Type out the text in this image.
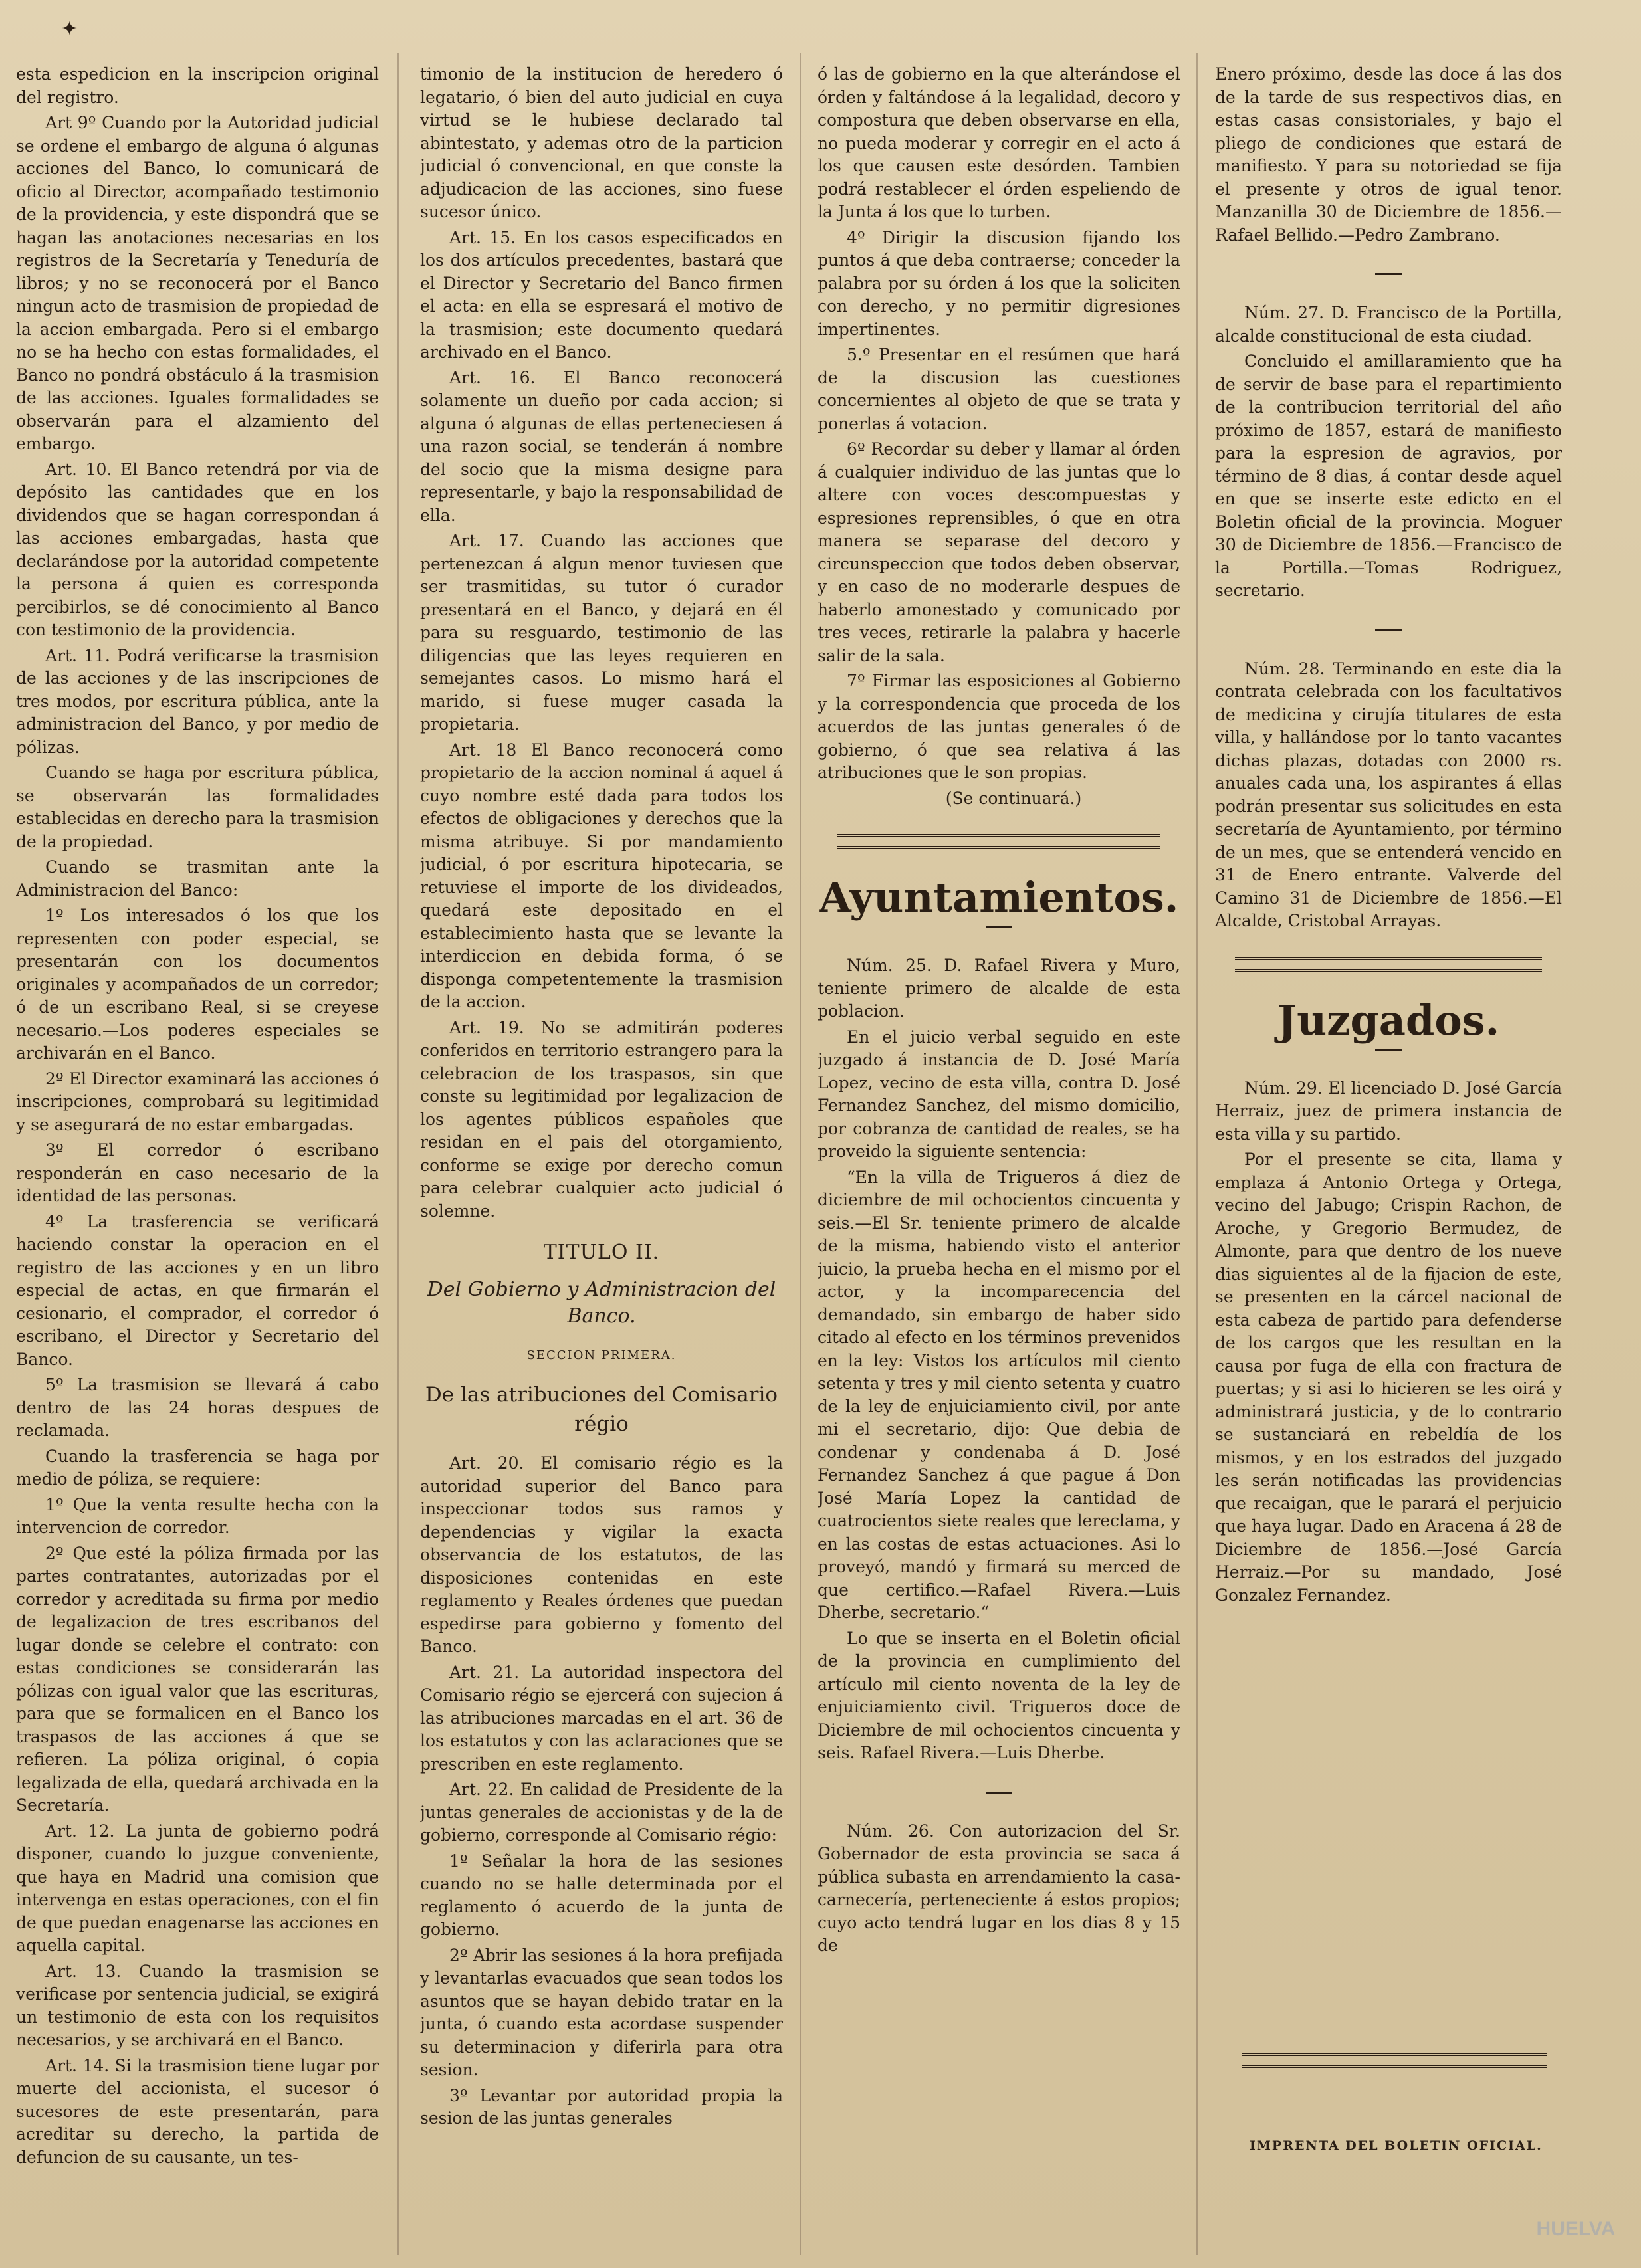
✦

esta espedicion en la inscripcion original del registro.

Art 9º Cuando por la Autoridad judicial se ordene el embargo de alguna ó algunas acciones del Banco, lo comunicará de oficio al Director, acompañado testimonio de la providencia, y este dispondrá que se hagan las anotaciones necesarias en los registros de la Secretaría y Teneduría de libros; y no se reconocerá por el Banco ningun acto de trasmision de propiedad de la accion embargada. Pero si el embargo no se ha hecho con estas formalidades, el Banco no pondrá obstáculo á la trasmision de las acciones. Iguales formalidades se observarán para el alzamiento del embargo.

Art. 10. El Banco retendrá por via de depósito las cantidades que en los dividendos que se hagan correspondan á las acciones embargadas, hasta que declarándose por la autoridad competente la persona á quien es corresponda percibirlos, se dé conocimiento al Banco con testimonio de la providencia.

Art. 11. Podrá verificarse la trasmision de las acciones y de las inscripciones de tres modos, por escritura pública, ante la administracion del Banco, y por medio de pólizas.

Cuando se haga por escritura pública, se observarán las formalidades establecidas en derecho para la trasmision de la propiedad.

Cuando se trasmitan ante la Administracion del Banco:

1º Los interesados ó los que los representen con poder especial, se presentarán con los documentos originales y acompañados de un corredor; ó de un escribano Real, si se creyese necesario.—Los poderes especiales se archivarán en el Banco.

2º El Director examinará las acciones ó inscripciones, comprobará su legitimidad y se asegurará de no estar embargadas.

3º El corredor ó escribano responderán en caso necesario de la identidad de las personas.

4º La trasferencia se verificará haciendo constar la operacion en el registro de las acciones y en un libro especial de actas, en que firmarán el cesionario, el comprador, el corredor ó escribano, el Director y Secretario del Banco.

5º La trasmision se llevará á cabo dentro de las 24 horas despues de reclamada.

Cuando la trasferencia se haga por medio de póliza, se requiere:

1º Que la venta resulte hecha con la intervencion de corredor.

2º Que esté la póliza firmada por las partes contratantes, autorizadas por el corredor y acreditada su firma por medio de legalizacion de tres escribanos del lugar donde se celebre el contrato: con estas condiciones se considerarán las pólizas con igual valor que las escrituras, para que se formalicen en el Banco los traspasos de las acciones á que se refieren. La póliza original, ó copia legalizada de ella, quedará archivada en la Secretaría.

Art. 12. La junta de gobierno podrá disponer, cuando lo juzgue conveniente, que haya en Madrid una comision que intervenga en estas operaciones, con el fin de que puedan enagenarse las acciones en aquella capital.

Art. 13. Cuando la trasmision se verificase por sentencia judicial, se exigirá un testimonio de esta con los requisitos necesarios, y se archivará en el Banco.

Art. 14. Si la trasmision tiene lugar por muerte del accionista, el sucesor ó sucesores de este presentarán, para acreditar su derecho, la partida de defuncion de su causante, un tes-

timonio de la institucion de heredero ó legatario, ó bien del auto judicial en cuya virtud se le hubiese declarado tal abintestato, y ademas otro de la particion judicial ó convencional, en que conste la adjudicacion de las acciones, sino fuese sucesor único.

Art. 15. En los casos especificados en los dos artículos precedentes, bastará que el Director y Secretario del Banco firmen el acta: en ella se espresará el motivo de la trasmision; este documento quedará archivado en el Banco.

Art. 16. El Banco reconocerá solamente un dueño por cada accion; si alguna ó algunas de ellas perteneciesen á una razon social, se tenderán á nombre del socio que la misma designe para representarle, y bajo la responsabilidad de ella.

Art. 17. Cuando las acciones que pertenezcan á algun menor tuviesen que ser trasmitidas, su tutor ó curador presentará en el Banco, y dejará en él para su resguardo, testimonio de las diligencias que las leyes requieren en semejantes casos. Lo mismo hará el marido, si fuese muger casada la propietaria.

Art. 18 El Banco reconocerá como propietario de la accion nominal á aquel á cuyo nombre esté dada para todos los efectos de obligaciones y derechos que la misma atribuye. Si por mandamiento judicial, ó por escritura hipotecaria, se retuviese el importe de los divideados, quedará este depositado en el establecimiento hasta que se levante la interdiccion en debida forma, ó se disponga competentemente la trasmision de la accion.

Art. 19. No se admitirán poderes conferidos en territorio estrangero para la celebracion de los traspasos, sin que conste su legitimidad por legalizacion de los agentes públicos españoles que residan en el pais del otorgamiento, conforme se exige por derecho comun para celebrar cualquier acto judicial ó solemne.

TITULO II.
Del Gobierno y Administracion del Banco.
SECCION PRIMERA.
De las atribuciones del Comisario régio

Art. 20. El comisario régio es la autoridad superior del Banco para inspeccionar todos sus ramos y dependencias y vigilar la exacta observancia de los estatutos, de las disposiciones contenidas en este reglamento y Reales órdenes que puedan espedirse para gobierno y fomento del Banco.

Art. 21. La autoridad inspectora del Comisario régio se ejercerá con sujecion á las atribuciones marcadas en el art. 36 de los estatutos y con las aclaraciones que se prescriben en este reglamento.

Art. 22. En calidad de Presidente de la juntas generales de accionistas y de la de gobierno, corresponde al Comisario régio:

1º Señalar la hora de las sesiones cuando no se halle determinada por el reglamento ó acuerdo de la junta de gobierno.

2º Abrir las sesiones á la hora prefijada y levantarlas evacuados que sean todos los asuntos que se hayan debido tratar en la junta, ó cuando esta acordase suspender su determinacion y diferirla para otra sesion.

3º Levantar por autoridad propia la sesion de las juntas generales

ó las de gobierno en la que alterándose el órden y faltándose á la legalidad, decoro y compostura que deben observarse en ella, no pueda moderar y corregir en el acto á los que causen este desórden. Tambien podrá restablecer el órden espeliendo de la Junta á los que lo turben.

4º Dirigir la discusion fijando los puntos á que deba contraerse; conceder la palabra por su órden á los que la soliciten con derecho, y no permitir digresiones impertinentes.

5.º Presentar en el resúmen que hará de la discusion las cuestiones concernientes al objeto de que se trata y ponerlas á votacion.

6º Recordar su deber y llamar al órden á cualquier individuo de las juntas que lo altere con voces descompuestas y espresiones reprensibles, ó que en otra manera se separase del decoro y circunspeccion que todos deben observar, y en caso de no moderarle despues de haberlo amonestado y comunicado por tres veces, retirarle la palabra y hacerle salir de la sala.

7º Firmar las esposiciones al Gobierno y la correspondencia que proceda de los acuerdos de las juntas generales ó de gobierno, ó que sea relativa á las atribuciones que le son propias.

(Se continuará.)

Ayuntamientos.

Núm. 25. D. Rafael Rivera y Muro, teniente primero de alcalde de esta poblacion.

En el juicio verbal seguido en este juzgado á instancia de D. José María Lopez, vecino de esta villa, contra D. José Fernandez Sanchez, del mismo domicilio, por cobranza de cantidad de reales, se ha proveido la siguiente sentencia:

“En la villa de Trigueros á diez de diciembre de mil ochocientos cincuenta y seis.—El Sr. teniente primero de alcalde de la misma, habiendo visto el anterior juicio, la prueba hecha en el mismo por el actor, y la incomparecencia del demandado, sin embargo de haber sido citado al efecto en los términos prevenidos en la ley: Vistos los artículos mil ciento setenta y tres y mil ciento setenta y cuatro de la ley de enjuiciamiento civil, por ante mi el secretario, dijo: Que debia de condenar y condenaba á D. José Fernandez Sanchez á que pague á Don José María Lopez la cantidad de cuatrocientos siete reales que lereclama, y en las costas de estas actuaciones. Asi lo proveyó, mandó y firmará su merced de que certifico.—Rafael Rivera.—Luis Dherbe, secretario.“

Lo que se inserta en el Boletin oficial de la provincia en cumplimiento del artículo mil ciento noventa de la ley de enjuiciamiento civil. Trigueros doce de Diciembre de mil ochocientos cincuenta y seis. Rafael Rivera.—Luis Dherbe.

Núm. 26. Con autorizacion del Sr. Gobernador de esta provincia se saca á pública subasta en arrendamiento la casa-carnecería, perteneciente á estos propios; cuyo acto tendrá lugar en los dias 8 y 15 de

Enero próximo, desde las doce á las dos de la tarde de sus respectivos dias, en estas casas consistoriales, y bajo el pliego de condiciones que estará de manifiesto. Y para su notoriedad se fija el presente y otros de igual tenor. Manzanilla 30 de Diciembre de 1856.—Rafael Bellido.—Pedro Zambrano.

Núm. 27. D. Francisco de la Portilla, alcalde constitucional de esta ciudad.

Concluido el amillaramiento que ha de servir de base para el repartimiento de la contribucion territorial del año próximo de 1857, estará de manifiesto para la espresion de agravios, por término de 8 dias, á contar desde aquel en que se inserte este edicto en el Boletin oficial de la provincia. Moguer 30 de Diciembre de 1856.—Francisco de la Portilla.—Tomas Rodriguez, secretario.

Núm. 28. Terminando en este dia la contrata celebrada con los facultativos de medicina y cirujía titulares de esta villa, y hallándose por lo tanto vacantes dichas plazas, dotadas con 2000 rs. anuales cada una, los aspirantes á ellas podrán presentar sus solicitudes en esta secretaría de Ayuntamiento, por término de un mes, que se entenderá vencido en 31 de Enero entrante. Valverde del Camino 31 de Diciembre de 1856.—El Alcalde, Cristobal Arrayas.

Juzgados.

Núm. 29. El licenciado D. José García Herraiz, juez de primera instancia de esta villa y su partido.

Por el presente se cita, llama y emplaza á Antonio Ortega y Ortega, vecino del Jabugo; Crispin Rachon, de Aroche, y Gregorio Bermudez, de Almonte, para que dentro de los nueve dias siguientes al de la fijacion de este, se presenten en la cárcel nacional de esta cabeza de partido para defenderse de los cargos que les resultan en la causa por fuga de ella con fractura de puertas; y si asi lo hicieren se les oirá y administrará justicia, y de lo contrario se sustanciará en rebeldía de los mismos, y en los estrados del juzgado les serán notificadas las providencias que recaigan, que le parará el perjuicio que haya lugar. Dado en Aracena á 28 de Diciembre de 1856.—José García Herraiz.—Por su mandado, José Gonzalez Fernandez.

IMPRENTA DEL BOLETIN OFICIAL.
HUELVA
